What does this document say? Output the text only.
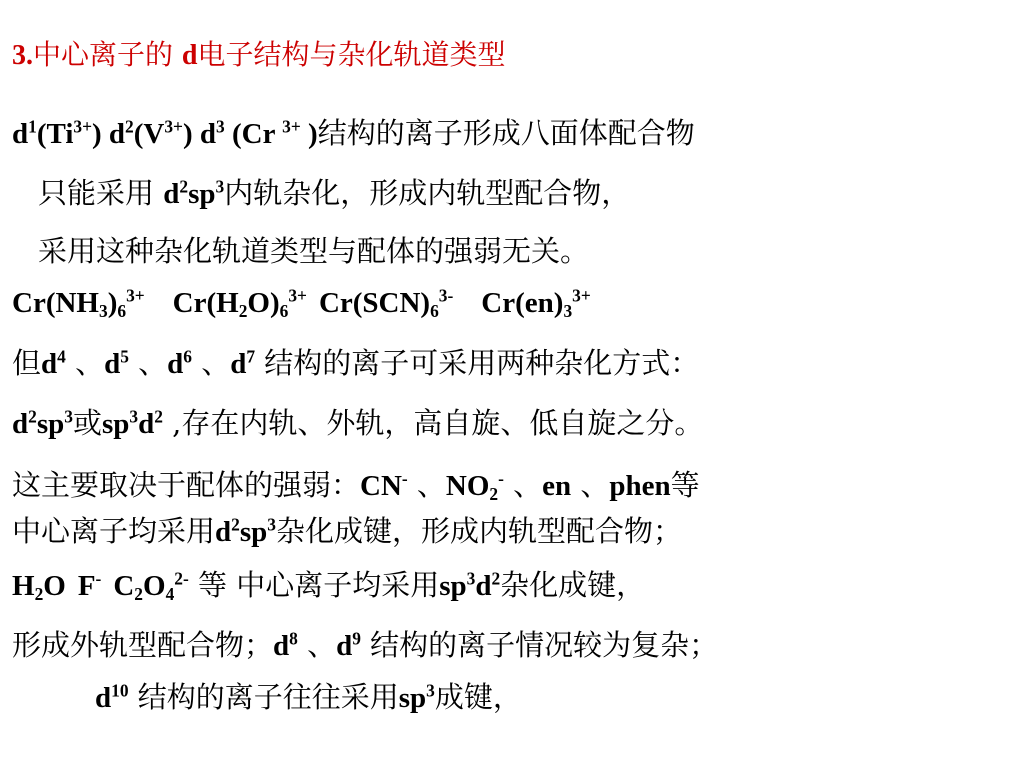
3.中心离子的 d电子结构与杂化轨道类型
$d^1(Ti^{3+})$ $d^2(V^{3+})$ $d^3$ (Cr $^{3+}$ )结构的离子形成八面体配合物
只能采用 $d^2sp^3$内轨杂化，形成内轨型配合物，
采用这种杂化轨道类型与配体的强弱无关。
$Cr(NH_3)_6^{3+}$ $Cr(H_2O)_6^{3+}$ $Cr(SCN)_6^{3-}$ $Cr(en)_3^{3+}$
但$d^4$ 、$d^5$ 、$d^6$ 、$d^7$ 结构的离子可采用两种杂化方式：
$d^2sp^3$或$sp^3d^2$ ,存在内轨、外轨，高自旋、低自旋之分。
这主要取决于配体的强弱：CN- 、$NO_2^-$ 、en 、phen等
中心离子均采用$d^2sp^3$杂化成键，形成内轨型配合物；
$H_2O$ F- $C_2O_4^{2-}$ 等 中心离子均采用$sp^3d^2$杂化成键，
形成外轨型配合物；$d^8$ 、$d^9$ 结构的离子情况较为复杂；
$d^{10}$ 结构的离子往往采用$sp^3$成键，
